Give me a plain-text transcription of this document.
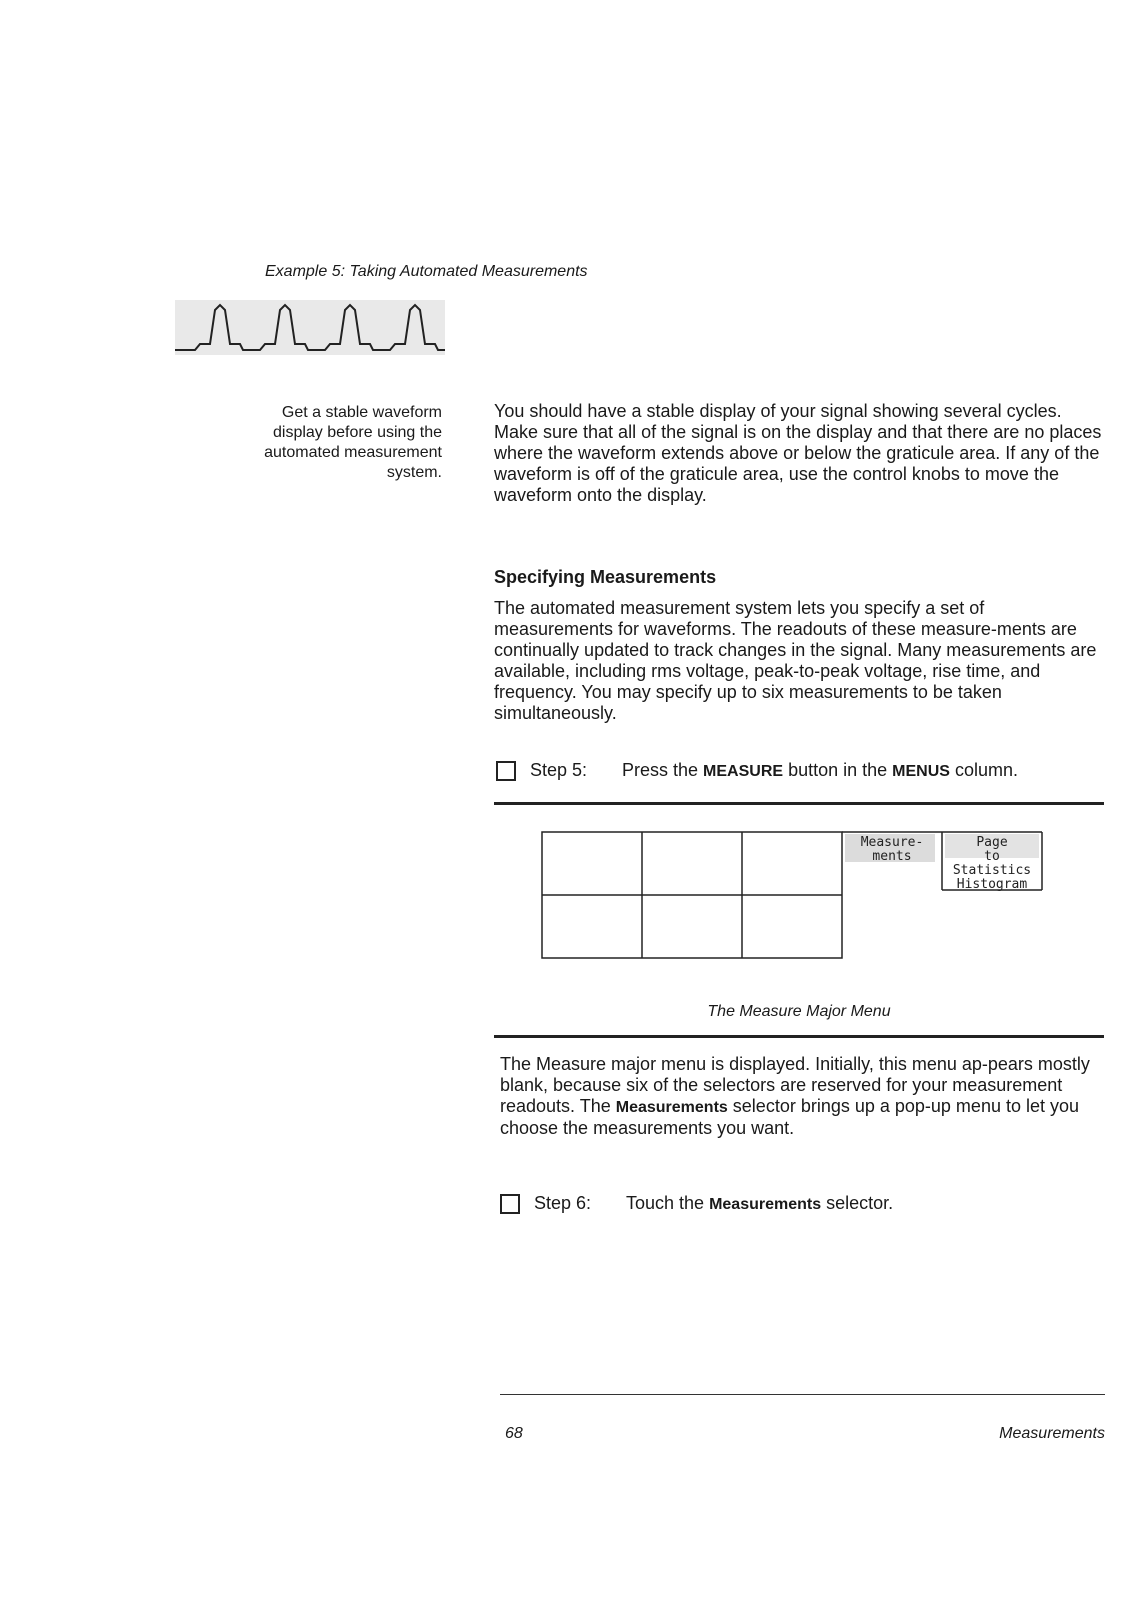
Example 5: Taking Automated Measurements
Get a stable waveform display before using the automated measurement system.
You should have a stable display of your signal showing several cycles. Make sure that all of the signal is on the display and that there are no places where the waveform extends above or below the graticule area. If any of the waveform is off of the graticule area, use the control knobs to move the waveform onto the display.
Specifying Measurements
The automated measurement system lets you specify a set of measurements for waveforms. The readouts of these measure-ments are continually updated to track changes in the signal. Many measurements are available, including rms voltage, peak-to-peak voltage, rise time, and frequency. You may specify up to six measurements to be taken simultaneously.
Step 5:	Press the MEASURE button in the MENUS column.
Measure-
ments
Page
to
Statistics
Histogram
The Measure Major Menu
The Measure major menu is displayed. Initially, this menu ap-pears mostly blank, because six of the selectors are reserved for your measurement readouts. The Measurements selector brings up a pop-up menu to let you choose the measurements you want.
Step 6:	Touch the Measurements selector.
68	Measurements
